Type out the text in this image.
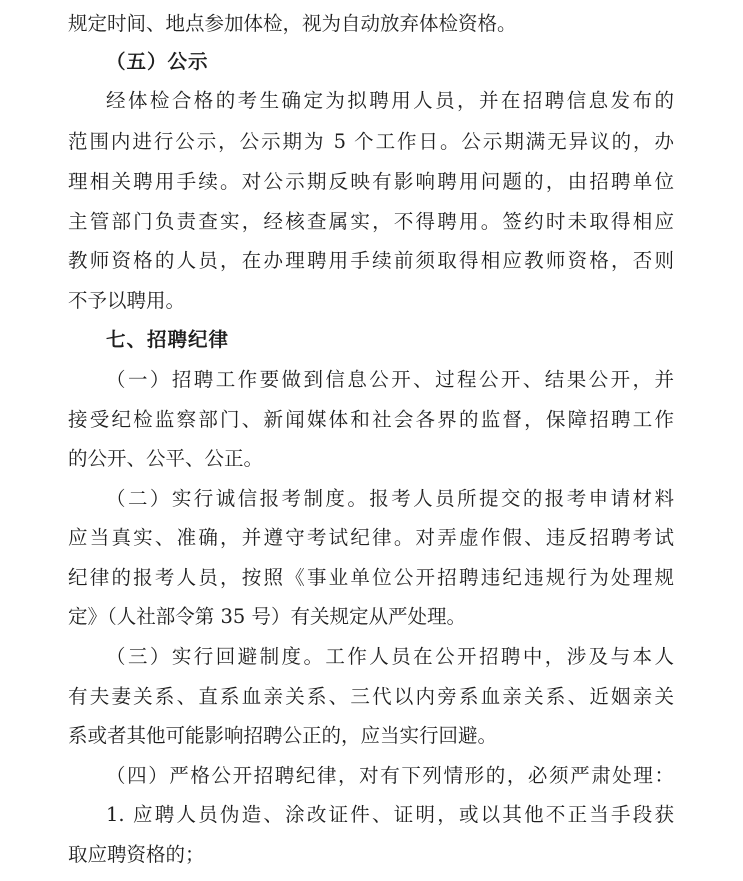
规定时间、地点参加体检，视为自动放弃体检资格。
（五）公示
经体检合格的考生确定为拟聘用人员，并在招聘信息发布的
范围内进行公示，公示期为 5 个工作日。公示期满无异议的，办
理相关聘用手续。对公示期反映有影响聘用问题的，由招聘单位
主管部门负责查实，经核查属实，不得聘用。签约时未取得相应
教师资格的人员，在办理聘用手续前须取得相应教师资格，否则
不予以聘用。
七、招聘纪律
（一）招聘工作要做到信息公开、过程公开、结果公开，并
接受纪检监察部门、新闻媒体和社会各界的监督，保障招聘工作
的公开、公平、公正。
（二）实行诚信报考制度。报考人员所提交的报考申请材料
应当真实、准确，并遵守考试纪律。对弄虚作假、违反招聘考试
纪律的报考人员，按照《事业单位公开招聘违纪违规行为处理规
定》（人社部令第 35 号）有关规定从严处理。
（三）实行回避制度。工作人员在公开招聘中，涉及与本人
有夫妻关系、直系血亲关系、三代以内旁系血亲关系、近姻亲关
系或者其他可能影响招聘公正的，应当实行回避。
（四）严格公开招聘纪律，对有下列情形的，必须严肃处理：
1. 应聘人员伪造、涂改证件、证明，或以其他不正当手段获
取应聘资格的；
